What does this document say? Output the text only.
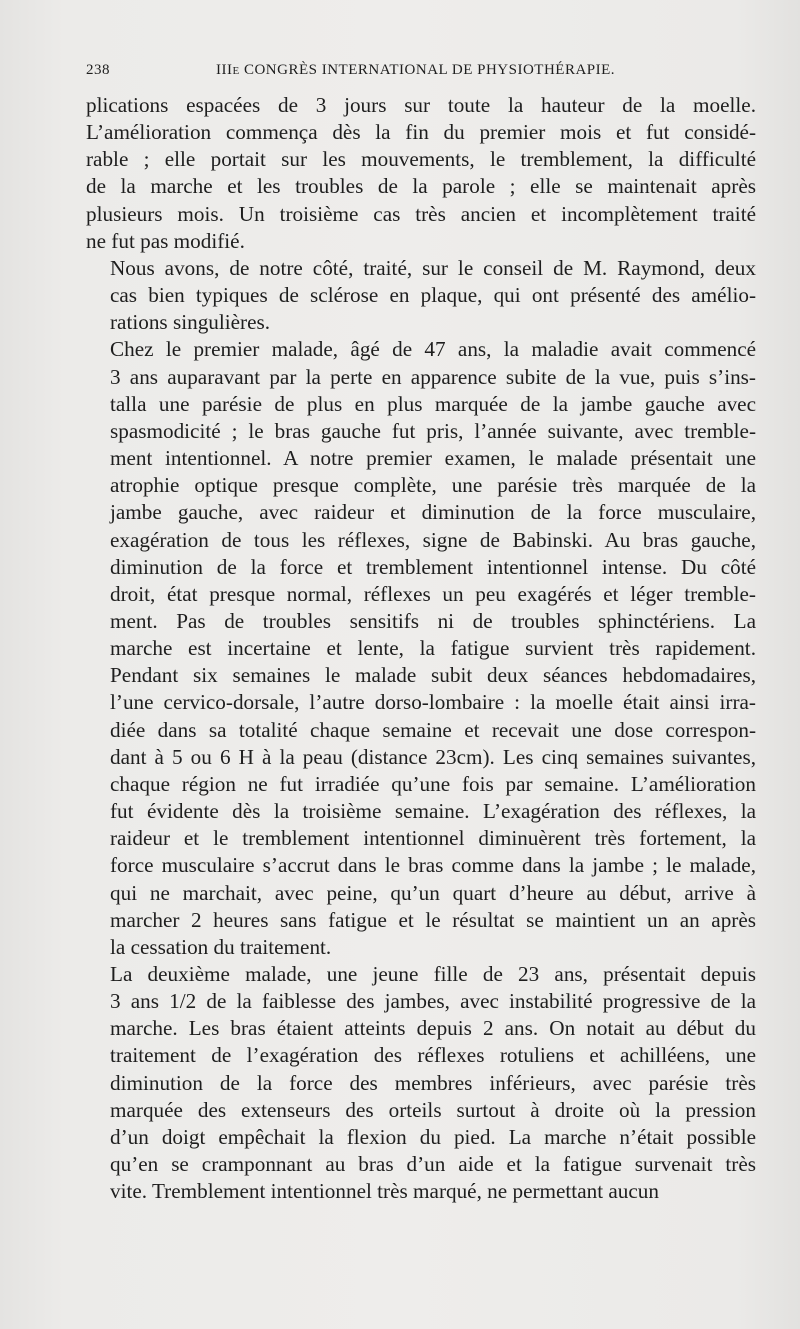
238	IIIe CONGRÈS INTERNATIONAL DE PHYSIOTHÉRAPIE.

plications espacées de 3 jours sur toute la hauteur de la moelle.
L’amélioration commença dès la fin du premier mois et fut considé-
rable ; elle portait sur les mouvements, le tremblement, la difficulté
de la marche et les troubles de la parole ; elle se maintenait après
plusieurs mois. Un troisième cas très ancien et incomplètement traité
ne fut pas modifié.

Nous avons, de notre côté, traité, sur le conseil de M. Raymond, deux
cas bien typiques de sclérose en plaque, qui ont présenté des amélio-
rations singulières.

Chez le premier malade, âgé de 47 ans, la maladie avait commencé
3 ans auparavant par la perte en apparence subite de la vue, puis s’ins-
talla une parésie de plus en plus marquée de la jambe gauche avec
spasmodicité ; le bras gauche fut pris, l’année suivante, avec tremble-
ment intentionnel. A notre premier examen, le malade présentait une
atrophie optique presque complète, une parésie très marquée de la
jambe gauche, avec raideur et diminution de la force musculaire,
exagération de tous les réflexes, signe de Babinski. Au bras gauche,
diminution de la force et tremblement intentionnel intense. Du côté
droit, état presque normal, réflexes un peu exagérés et léger tremble-
ment. Pas de troubles sensitifs ni de troubles sphinctériens. La
marche est incertaine et lente, la fatigue survient très rapidement.
Pendant six semaines le malade subit deux séances hebdomadaires,
l’une cervico-dorsale, l’autre dorso-lombaire : la moelle était ainsi irra-
diée dans sa totalité chaque semaine et recevait une dose correspon-
dant à 5 ou 6 H à la peau (distance 23cm). Les cinq semaines suivantes,
chaque région ne fut irradiée qu’une fois par semaine. L’amélioration
fut évidente dès la troisième semaine. L’exagération des réflexes, la
raideur et le tremblement intentionnel diminuèrent très fortement, la
force musculaire s’accrut dans le bras comme dans la jambe ; le malade,
qui ne marchait, avec peine, qu’un quart d’heure au début, arrive à
marcher 2 heures sans fatigue et le résultat se maintient un an après
la cessation du traitement.

La deuxième malade, une jeune fille de 23 ans, présentait depuis
3 ans 1/2 de la faiblesse des jambes, avec instabilité progressive de la
marche. Les bras étaient atteints depuis 2 ans. On notait au début du
traitement de l’exagération des réflexes rotuliens et achilléens, une
diminution de la force des membres inférieurs, avec parésie très
marquée des extenseurs des orteils surtout à droite où la pression
d’un doigt empêchait la flexion du pied. La marche n’était possible
qu’en se cramponnant au bras d’un aide et la fatigue survenait très
vite. Tremblement intentionnel très marqué, ne permettant aucun
